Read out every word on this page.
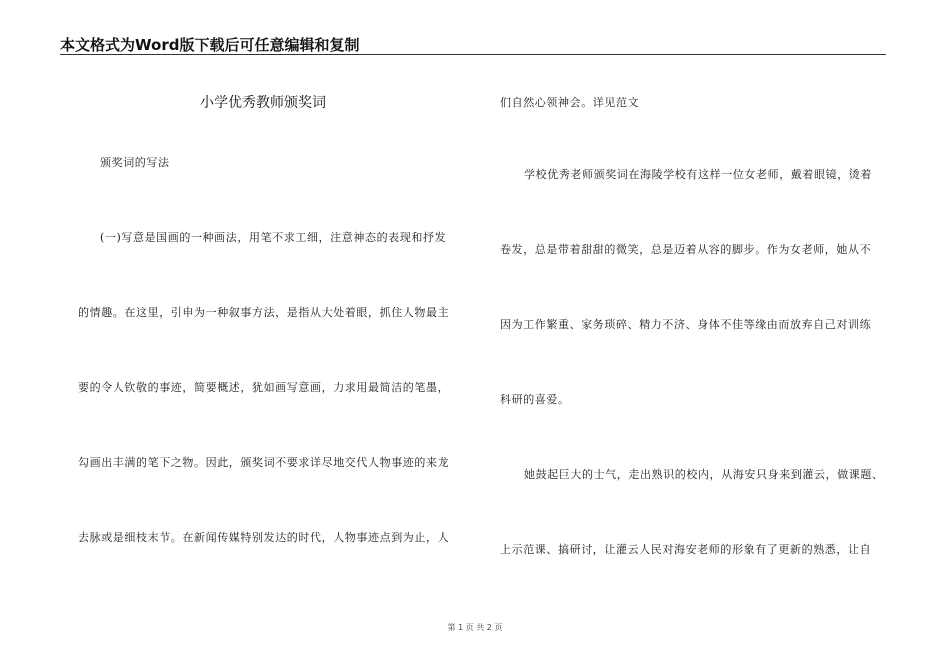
本文格式为Word版下载后可任意编辑和复制
小学优秀教师颁奖词
颁奖词的写法
(一)写意是国画的一种画法，用笔不求工细，注意神态的表现和抒发
的情趣。在这里，引申为一种叙事方法，是指从大处着眼，抓住人物最主
要的令人钦敬的事迹，简要概述，犹如画写意画，力求用最简洁的笔墨，
勾画出丰满的笔下之物。因此，颁奖词不要求详尽地交代人物事迹的来龙
去脉或是细枝末节。在新闻传媒特别发达的时代，人物事迹点到为止，人
们自然心领神会。详见范文
学校优秀老师颁奖词在海陵学校有这样一位女老师，戴着眼镜，烫着
卷发，总是带着甜甜的微笑，总是迈着从容的脚步。作为女老师，她从不
因为工作繁重、家务琐碎、精力不济、身体不佳等缘由而放弃自己对训练
科研的喜爱。
她鼓起巨大的士气，走出熟识的校内，从海安只身来到灌云，做课题、
上示范课、搞研讨，让灌云人民对海安老师的形象有了更新的熟悉，让自
第 1 页 共 2 页
